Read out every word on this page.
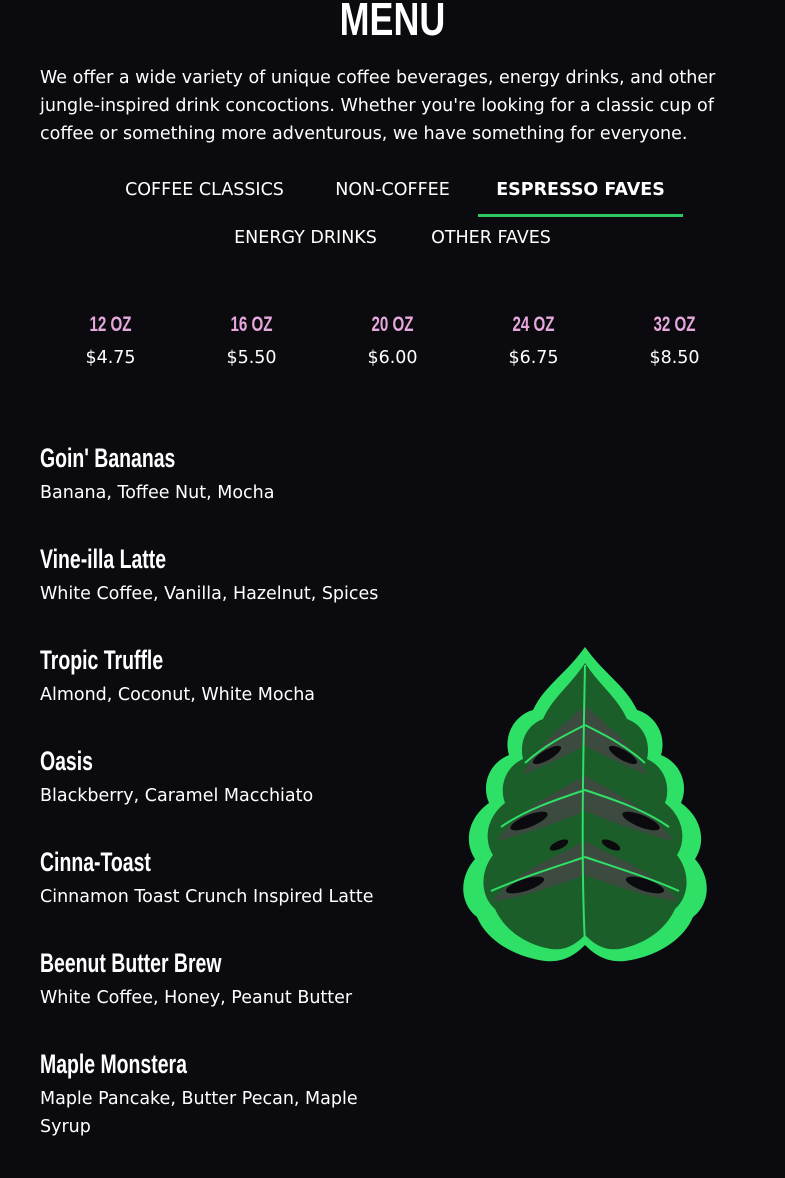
MENU

We offer a wide variety of unique coffee beverages, energy drinks, and other jungle-inspired drink concoctions. Whether you're looking for a classic cup of coffee or something more adventurous, we have something for everyone.

COFFEE CLASSICS	NON-COFFEE	ESPRESSO FAVES
ENERGY DRINKS	OTHER FAVES
12 OZ
$4.75
16 OZ
$5.50
20 OZ
$6.00
24 OZ
$6.75
32 OZ
$8.50
Goin' Bananas
Banana, Toffee Nut, Mocha
Vine-illa Latte
White Coffee, Vanilla, Hazelnut, Spices
Tropic Truffle
Almond, Coconut, White Mocha
Oasis
Blackberry, Caramel Macchiato
Cinna-Toast
Cinnamon Toast Crunch Inspired Latte
Beenut Butter Brew
White Coffee, Honey, Peanut Butter
Maple Monstera
Maple Pancake, Butter Pecan, Maple Syrup
